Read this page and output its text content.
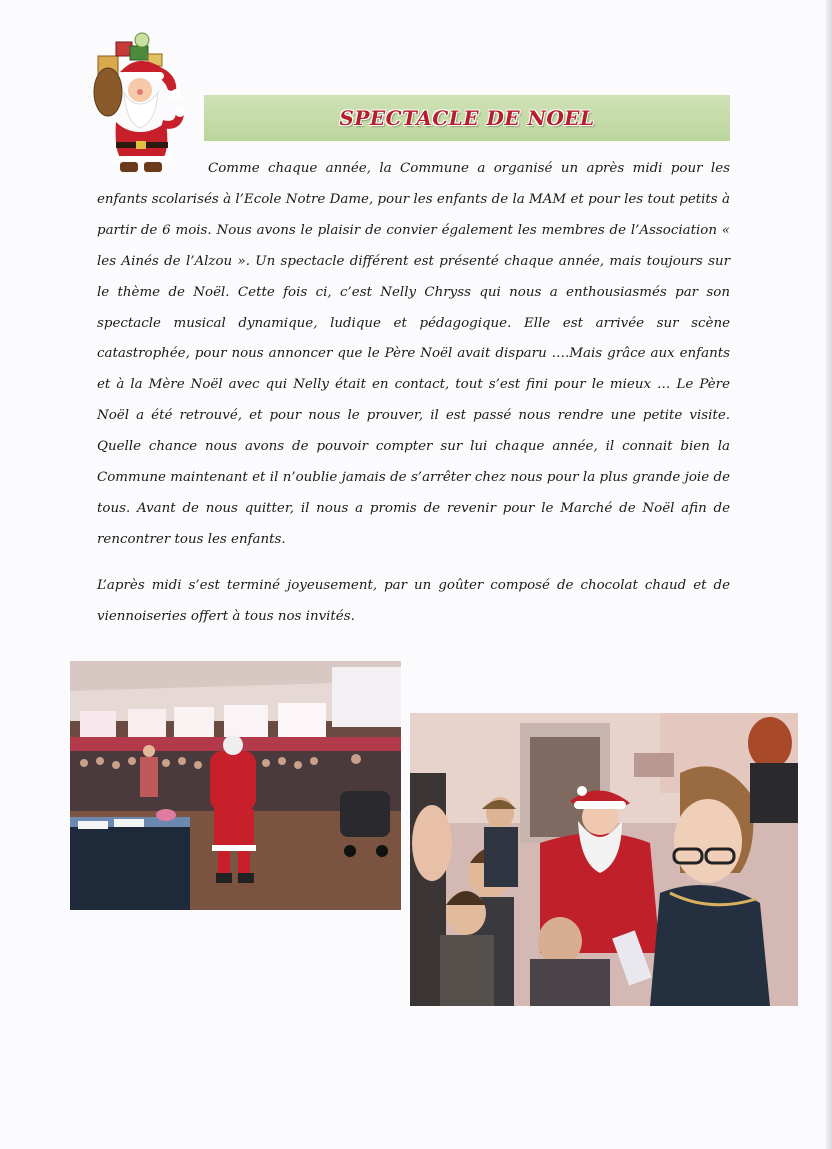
SPECTACLE DE NOEL

Comme chaque année, la Commune a organisé un après midi pour les enfants scolarisés à l’Ecole Notre Dame, pour les enfants de la MAM et pour les tout petits à partir de 6 mois. Nous avons le plaisir de convier également les membres de l’Association « les Ainés de l’Alzou ». Un spectacle différent est présenté chaque année, mais toujours sur le thème de Noël. Cette fois ci, c’est Nelly Chryss qui nous a enthousiasmés par son spectacle musical dynamique, ludique et pédagogique. Elle est arrivée sur scène catastrophée, pour nous annoncer que le Père Noël avait disparu ….Mais grâce aux enfants et à la Mère Noël avec qui Nelly était en contact, tout s’est fini pour le mieux … Le Père Noël a été retrouvé, et pour nous le prouver, il est passé nous rendre une petite visite. Quelle chance nous avons de pouvoir compter sur lui chaque année, il connait bien la Commune maintenant et il n’oublie jamais de s’arrêter chez nous pour la plus grande joie de tous. Avant de nous quitter, il nous a promis de revenir pour le Marché de Noël afin de rencontrer tous les enfants.

L’après midi s’est terminé joyeusement, par un goûter composé de chocolat chaud et de viennoiseries offert à tous nos invités.
